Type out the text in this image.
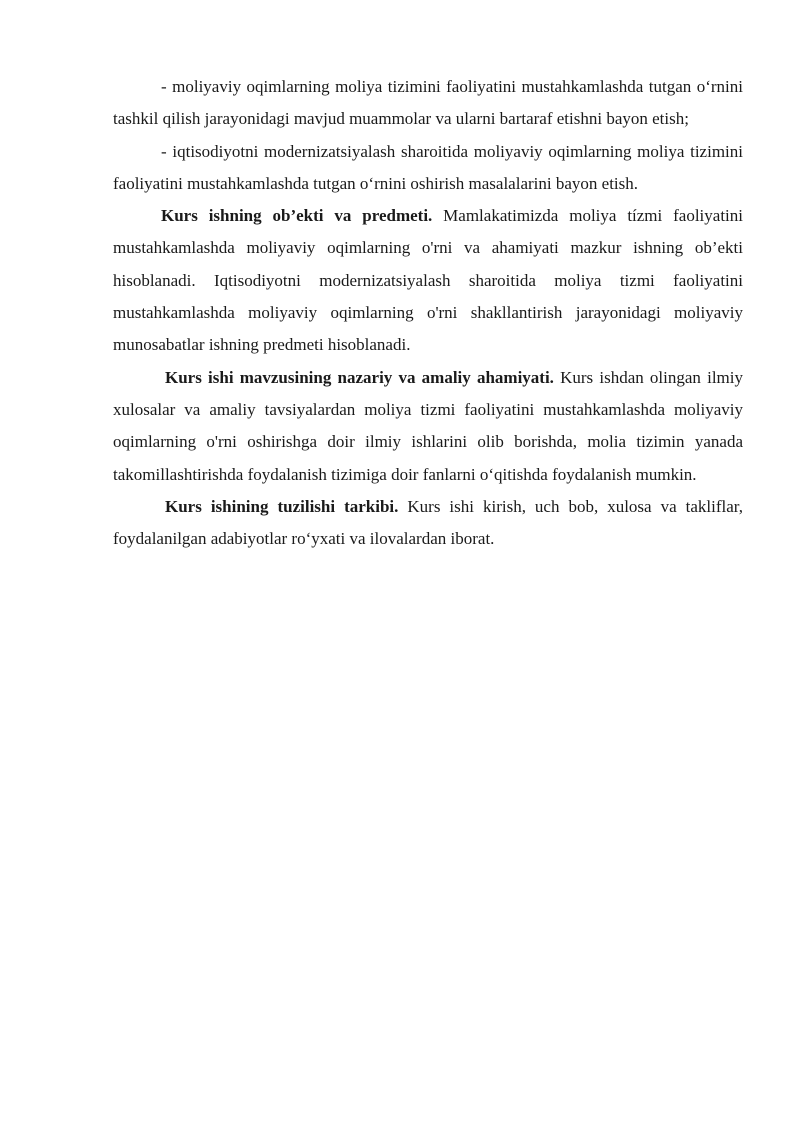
- moliyaviy oqimlarning moliya tizimini faoliyatini mustahkamlashda tutgan o‘rnini tashkil qilish jarayonidagi mavjud muammolar va ularni bartaraf etishni bayon etish;

- iqtisodiyotni modernizatsiyalash sharoitida moliyaviy oqimlarning moliya tizimini faoliyatini mustahkamlashda tutgan o‘rnini oshirish masalalarini bayon etish.

Kurs ishning ob’ekti va predmeti. Mamlakatimizda moliya tízmi faoliyatini mustahkamlashda moliyaviy oqimlarning o'rni va ahamiyati mazkur ishning ob’ekti hisoblanadi. Iqtisodiyotni modernizatsiyalash sharoitida moliya tizmi faoliyatini mustahkamlashda moliyaviy oqimlarning o'rni shakllantirish jarayonidagi moliyaviy munosabatlar ishning predmeti hisoblanadi.

Kurs ishi mavzusining nazariy va amaliy ahamiyati. Kurs ishdan olingan ilmiy xulosalar va amaliy tavsiyalardan moliya tizmi faoliyatini mustahkamlashda moliyaviy oqimlarning o'rni oshirishga doir ilmiy ishlarini olib borishda, molia tizimin yanada takomillashtirishda foydalanish tizimiga doir fanlarni o‘qitishda foydalanish mumkin.

Kurs ishining tuzilishi tarkibi. Kurs ishi kirish, uch bob, xulosa va takliflar, foydalanilgan adabiyotlar ro‘yxati va ilovalardan iborat.
